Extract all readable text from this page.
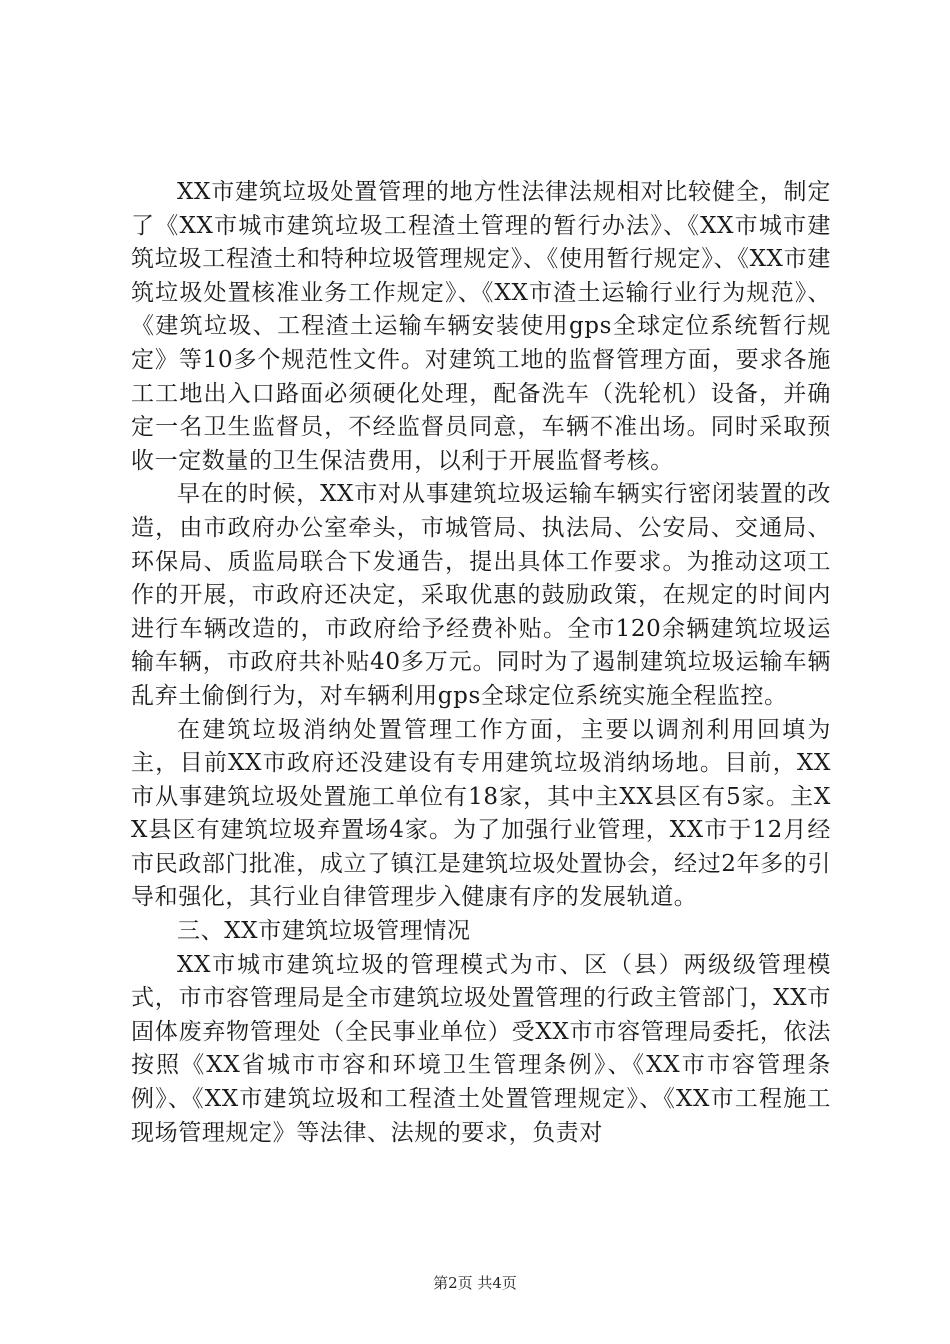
XX市建筑垃圾处置管理的地方性法律法规相对比较健全，制定了《XX市城市建筑垃圾工程渣土管理的暂行办法》、《XX市城市建筑垃圾工程渣土和特种垃圾管理规定》、《使用暂行规定》、《XX市建筑垃圾处置核准业务工作规定》、《XX市渣土运输行业行为规范》、《建筑垃圾、工程渣土运输车辆安装使用gps全球定位系统暂行规定》等10多个规范性文件。对建筑工地的监督管理方面，要求各施工工地出入口路面必须硬化处理，配备洗车（洗轮机）设备，并确定一名卫生监督员，不经监督员同意，车辆不准出场。同时采取预收一定数量的卫生保洁费用，以利于开展监督考核。

早在的时候，XX市对从事建筑垃圾运输车辆实行密闭装置的改造，由市政府办公室牵头，市城管局、执法局、公安局、交通局、环保局、质监局联合下发通告，提出具体工作要求。为推动这项工作的开展，市政府还决定，采取优惠的鼓励政策，在规定的时间内进行车辆改造的，市政府给予经费补贴。全市120余辆建筑垃圾运输车辆，市政府共补贴40多万元。同时为了遏制建筑垃圾运输车辆乱弃土偷倒行为，对车辆利用gps全球定位系统实施全程监控。

在建筑垃圾消纳处置管理工作方面，主要以调剂利用回填为主，目前XX市政府还没建设有专用建筑垃圾消纳场地。目前，XX市从事建筑垃圾处置施工单位有18家，其中主XX县区有5家。主XX县区有建筑垃圾弃置场4家。为了加强行业管理，XX市于12月经市民政部门批准，成立了镇江是建筑垃圾处置协会，经过2年多的引导和强化，其行业自律管理步入健康有序的发展轨道。

三、XX市建筑垃圾管理情况

XX市城市建筑垃圾的管理模式为市、区（县）两级级管理模式，市市容管理局是全市建筑垃圾处置管理的行政主管部门，XX市固体废弃物管理处（全民事业单位）受XX市市容管理局委托，依法按照《XX省城市市容和环境卫生管理条例》、《XX市市容管理条例》、《XX市建筑垃圾和工程渣土处置管理规定》、《XX市工程施工现场管理规定》等法律、法规的要求，负责对

第2页 共4页
